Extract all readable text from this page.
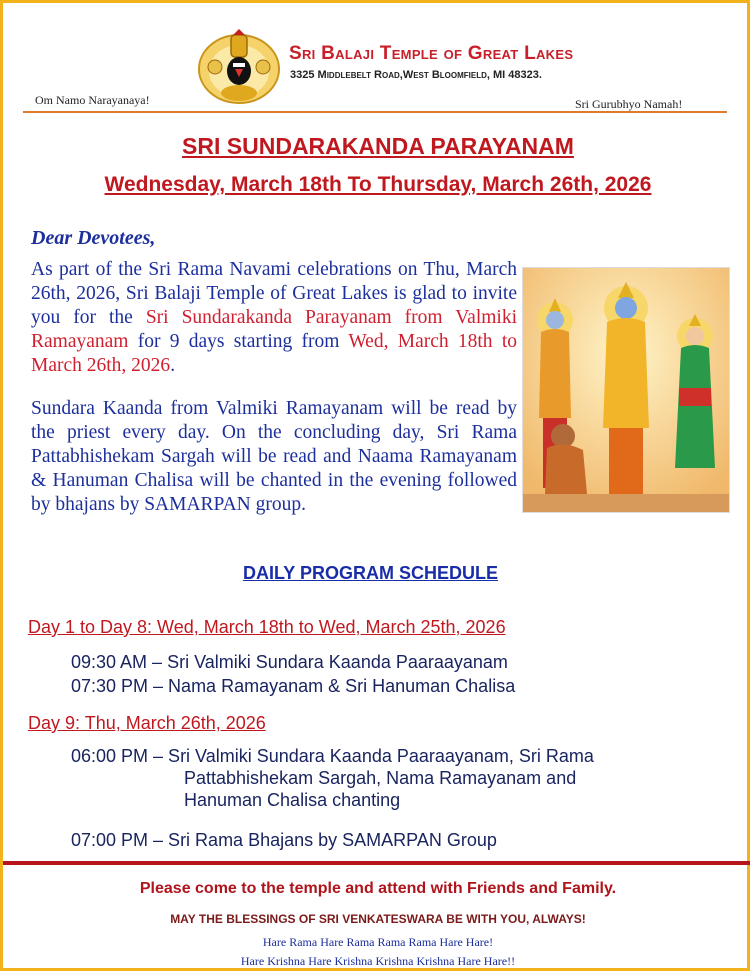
Sri Balaji Temple of Great Lakes
3325 Middlebelt Road,West Bloomfield, MI 48323.
Om Namo Narayanaya!	Sri Gurubhyo Namah!
SRI SUNDARAKANDA PARAYANAM
Wednesday, March 18th To Thursday, March 26th, 2026
Dear Devotees,
As part of the Sri Rama Navami celebrations on Thu, March 26th, 2026, Sri Balaji Temple of Great Lakes is glad to invite you for the Sri Sundarakanda Parayanam from Valmiki Ramayanam for 9 days starting from Wed, March 18th to March 26th, 2026.
Sundara Kaanda from Valmiki Ramayanam will be read by the priest every day. On the concluding day, Sri Rama Pattabhishekam Sargah will be read and Naama Ramayanam & Hanuman Chalisa will be chanted in the evening followed by bhajans by SAMARPAN group.
DAILY PROGRAM SCHEDULE
Day 1 to Day 8: Wed, March 18th to Wed, March 25th, 2026
09:30 AM – Sri Valmiki Sundara Kaanda Paaraayanam
07:30 PM – Nama Ramayanam & Sri Hanuman Chalisa
Day 9: Thu, March 26th, 2026
06:00 PM – Sri Valmiki Sundara Kaanda Paaraayanam, Sri Rama
Pattabhishekam Sargah, Nama Ramayanam and
Hanuman Chalisa chanting
07:00 PM – Sri Rama Bhajans by SAMARPAN Group
Please come to the temple and attend with Friends and Family.
MAY THE BLESSINGS OF SRI VENKATESWARA BE WITH YOU, ALWAYS!
Hare Rama Hare Rama Rama Rama Hare Hare!
Hare Krishna Hare Krishna Krishna Krishna Hare Hare!!
